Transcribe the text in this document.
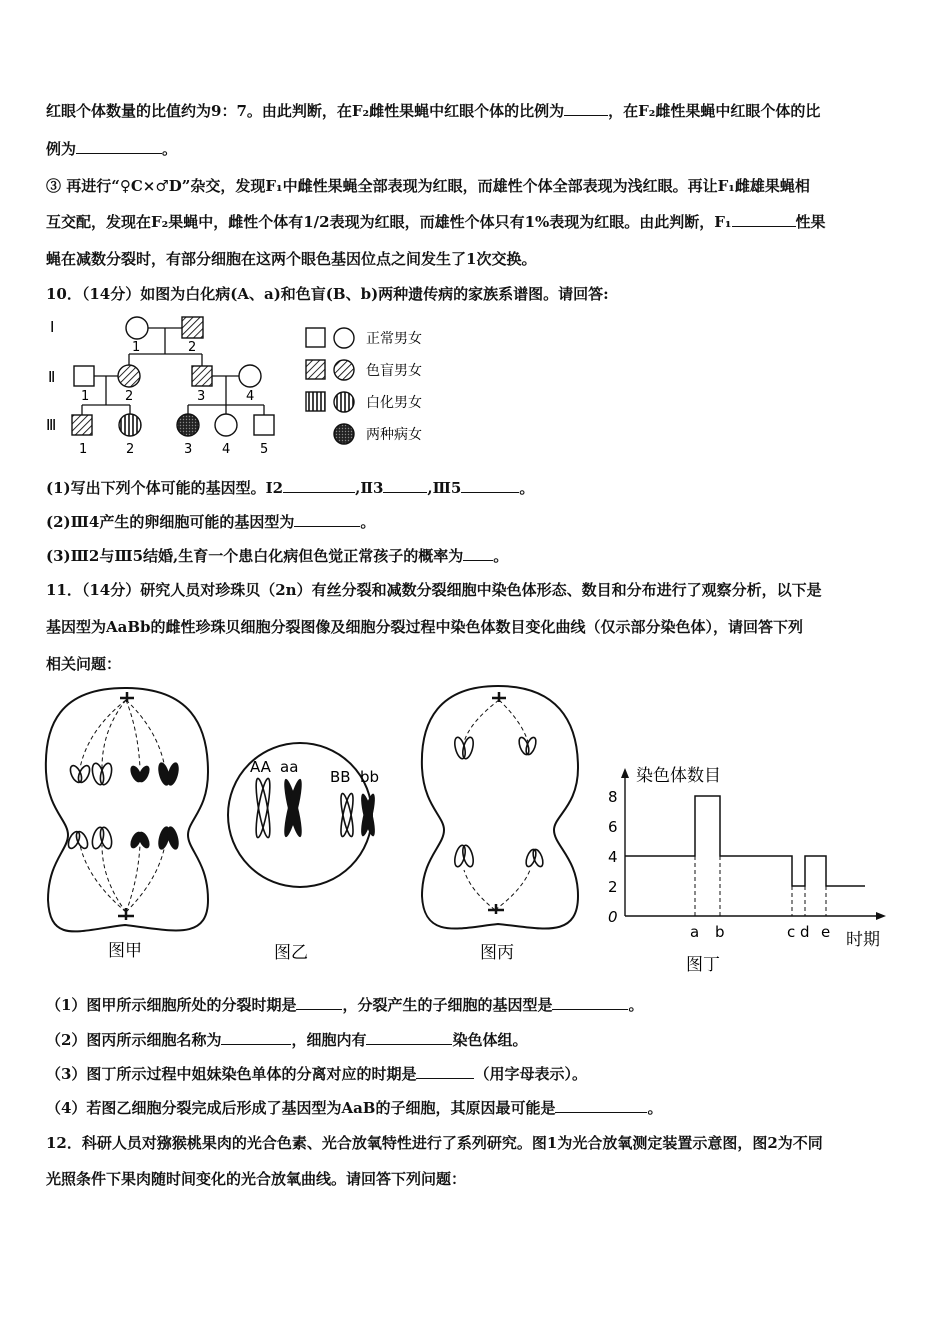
红眼个体数量的比值约为9：7。由此判断，在F₂雌性果蝇中红眼个体的比例为	，在F₂雌性果蝇中红眼个体的比
例为	。
③ 再进行“♀C×♂D”杂交，发现F₁中雌性果蝇全部表现为红眼，而雄性个体全部表现为浅红眼。再让F₁雌雄果蝇相
互交配，发现在F₂果蝇中，雌性个体有1/2表现为红眼，而雄性个体只有1%表现为红眼。由此判断，F₁	性果
蝇在减数分裂时，有部分细胞在这两个眼色基因位点之间发生了1次交换。
10．（14分）如图为白化病(A、a)和色盲(B、b)两种遗传病的家族系谱图。请回答:
Ⅰ
Ⅱ
Ⅲ
1	2
1	2	3	4
1	2	3 4 5
正常男女
色盲男女
白化男女
两种病女
(1)写出下列个体可能的基因型。Ⅰ2	,Ⅱ3	,Ⅲ5	。
(2)Ⅲ4产生的卵细胞可能的基因型为	。
(3)Ⅲ2与Ⅲ5结婚,生育一个患白化病但色觉正常孩子的概率为 。
11．（14分）研究人员对珍珠贝（2n）有丝分裂和减数分裂细胞中染色体形态、数目和分布进行了观察分析，以下是
基因型为AaBb的雌性珍珠贝细胞分裂图像及细胞分裂过程中染色体数目变化曲线（仅示部分染色体），请回答下列
相关问题：
图甲
AA aa
BB bb
图乙	图丙
染色体数目
时期
8
6
4
2
0
a b	c d e
图丁
（1）图甲所示细胞所处的分裂时期是	，分裂产生的子细胞的基因型是	。
（2）图丙所示细胞名称为	，细胞内有	染色体组。
（3）图丁所示过程中姐妹染色单体的分离对应的时期是	（用字母表示）。
（4）若图乙细胞分裂完成后形成了基因型为AaB的子细胞，其原因最可能是	。
12．科研人员对猕猴桃果肉的光合色素、光合放氧特性进行了系列研究。图1为光合放氧测定装置示意图，图2为不同
光照条件下果肉随时间变化的光合放氧曲线。请回答下列问题：
